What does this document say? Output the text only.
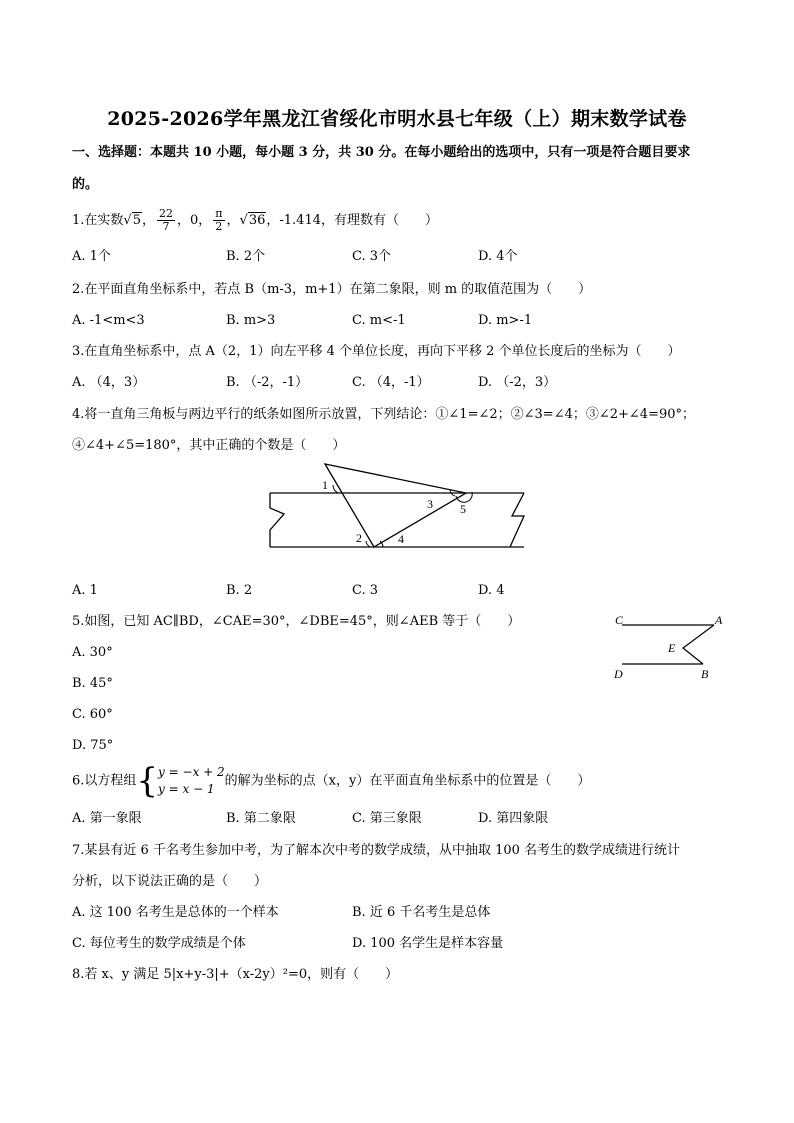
2025-2026学年黑龙江省绥化市明水县七年级（上）期末数学试卷
一、选择题：本题共 10 小题，每小题 3 分，共 30 分。在每小题给出的选项中，只有一项是符合题目要求
的。
1.在实数√5， $\frac{22}{7}$ ，0， $\frac{\pi}{2}$ ，√36，-1.414，有理数有（　　）
A. 1个	B. 2个	C. 3个	D. 4个
2.在平面直角坐标系中，若点 B（m-3，m+1）在第二象限，则 m 的取值范围为（　　）
A. -1<m<3	B. m>3	C. m<-1	D. m>-1
3.在直角坐标系中，点 A（2，1）向左平移 4 个单位长度，再向下平移 2 个单位长度后的坐标为（　　）
A. （4，3）	B. （-2，-1）	C. （4，-1）	D. （-2，3）
4.将一直角三角板与两边平行的纸条如图所示放置，下列结论：①∠1=∠2；②∠3=∠4；③∠2+∠4=90°；
④∠4+∠5=180°，其中正确的个数是（　　）
1
2
3
4
5
A. 1	B. 2	C. 3	D. 4
5.如图，已知 AC∥BD，∠CAE=30°，∠DBE=45°，则∠AEB 等于（　　）
A. 30°
B. 45°
C. 60°
D. 75°
C	A
E
D	B
6.以方程组{ y = −x + 2
y = x − 1
的解为坐标的点（x，y）在平面直角坐标系中的位置是（　　）
A. 第一象限	B. 第二象限	C. 第三象限	D. 第四象限
7.某县有近 6 千名考生参加中考，为了解本次中考的数学成绩，从中抽取 100 名考生的数学成绩进行统计
分析，以下说法正确的是（　　）
A. 这 100 名考生是总体的一个样本	B. 近 6 千名考生是总体
C. 每位考生的数学成绩是个体	D. 100 名学生是样本容量
8.若 x、y 满足 5|x+y-3|+（x-2y）²=0，则有（　　）
